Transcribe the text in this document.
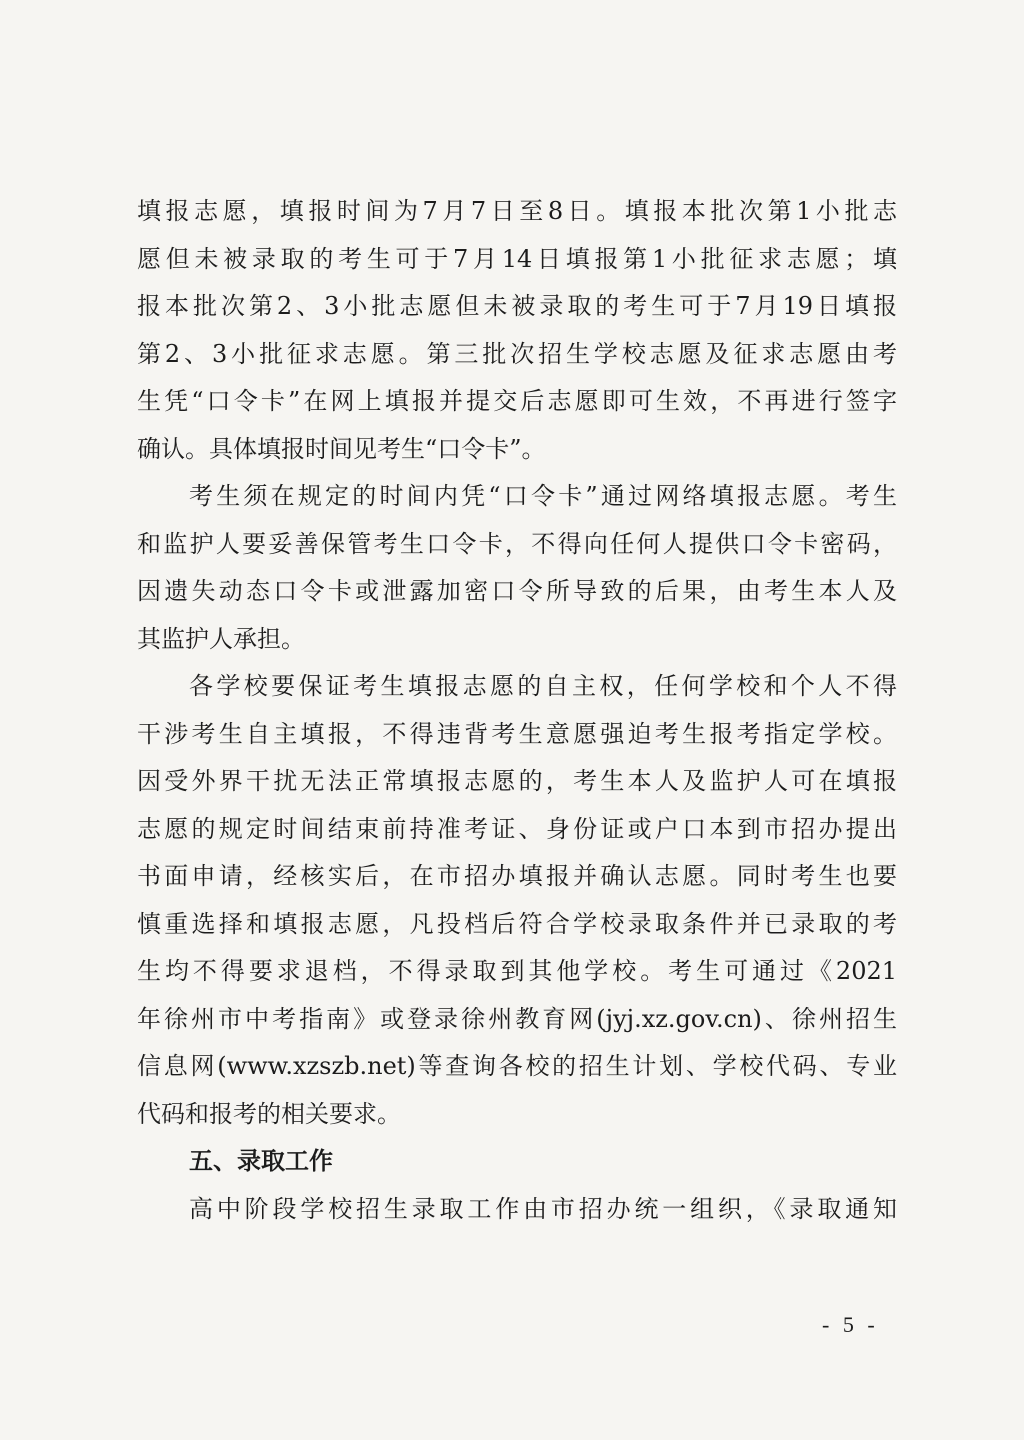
填报志愿，填报时间为7月7日至8日。填报本批次第1小批志
愿但未被录取的考生可于7月14日填报第1小批征求志愿；填
报本批次第2、3小批志愿但未被录取的考生可于7月19日填报
第2、3小批征求志愿。第三批次招生学校志愿及征求志愿由考
生凭“口令卡”在网上填报并提交后志愿即可生效，不再进行签字
确认。具体填报时间见考生“口令卡”。
考生须在规定的时间内凭“口令卡”通过网络填报志愿。考生
和监护人要妥善保管考生口令卡，不得向任何人提供口令卡密码，
因遗失动态口令卡或泄露加密口令所导致的后果，由考生本人及
其监护人承担。
各学校要保证考生填报志愿的自主权，任何学校和个人不得
干涉考生自主填报，不得违背考生意愿强迫考生报考指定学校。
因受外界干扰无法正常填报志愿的，考生本人及监护人可在填报
志愿的规定时间结束前持准考证、身份证或户口本到市招办提出
书面申请，经核实后，在市招办填报并确认志愿。同时考生也要
慎重选择和填报志愿，凡投档后符合学校录取条件并已录取的考
生均不得要求退档，不得录取到其他学校。考生可通过《2021
年徐州市中考指南》或登录徐州教育网(jyj.xz.gov.cn)、徐州招生
信息网(www.xzszb.net)等查询各校的招生计划、学校代码、专业
代码和报考的相关要求。
五、录取工作
高中阶段学校招生录取工作由市招办统一组织，《录取通知
- 5 -
